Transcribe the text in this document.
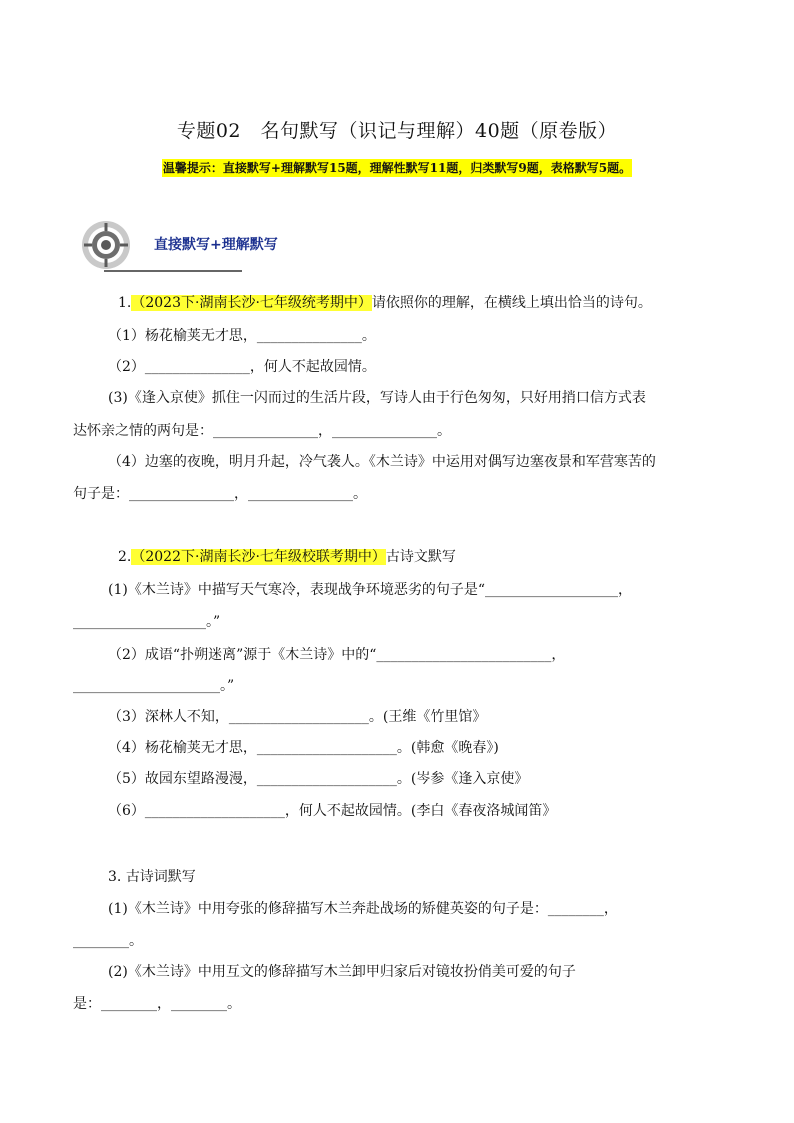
专题02　名句默写（识记与理解）40题（原卷版）
温馨提示：直接默写+理解默写15题，理解性默写11题，归类默写9题，表格默写5题。
直接默写+理解默写
1.（2023下·湖南长沙·七年级统考期中）请依照你的理解，在横线上填出恰当的诗句。
（1）杨花榆荚无才思，_______________。
（2）_______________，何人不起故园情。
(3)《逢入京使》抓住一闪而过的生活片段，写诗人由于行色匆匆，只好用捎口信方式表
达怀亲之情的两句是：_______________，_______________。
（4）边塞的夜晚，明月升起，冷气袭人。《木兰诗》中运用对偶写边塞夜景和军营寒苦的
句子是：_______________，_______________。
2.（2022下·湖南长沙·七年级校联考期中）古诗文默写
(1)《木兰诗》中描写天气寒冷，表现战争环境恶劣的句子是“___________________，
___________________。”
（2）成语“扑朔迷离”源于《木兰诗》中的“_________________________，
_____________________。”
（3）深林人不知，____________________。(王维《竹里馆》
（4）杨花榆荚无才思，____________________。(韩愈《晚春》)
（5）故园东望路漫漫，____________________。(岑参《逢入京使》
（6）____________________，何人不起故园情。(李白《春夜洛城闻笛》
3. 古诗词默写
(1)《木兰诗》中用夸张的修辞描写木兰奔赴战场的矫健英姿的句子是：________，
________。
(2)《木兰诗》中用互文的修辞描写木兰卸甲归家后对镜妆扮俏美可爱的句子
是：________，________。
